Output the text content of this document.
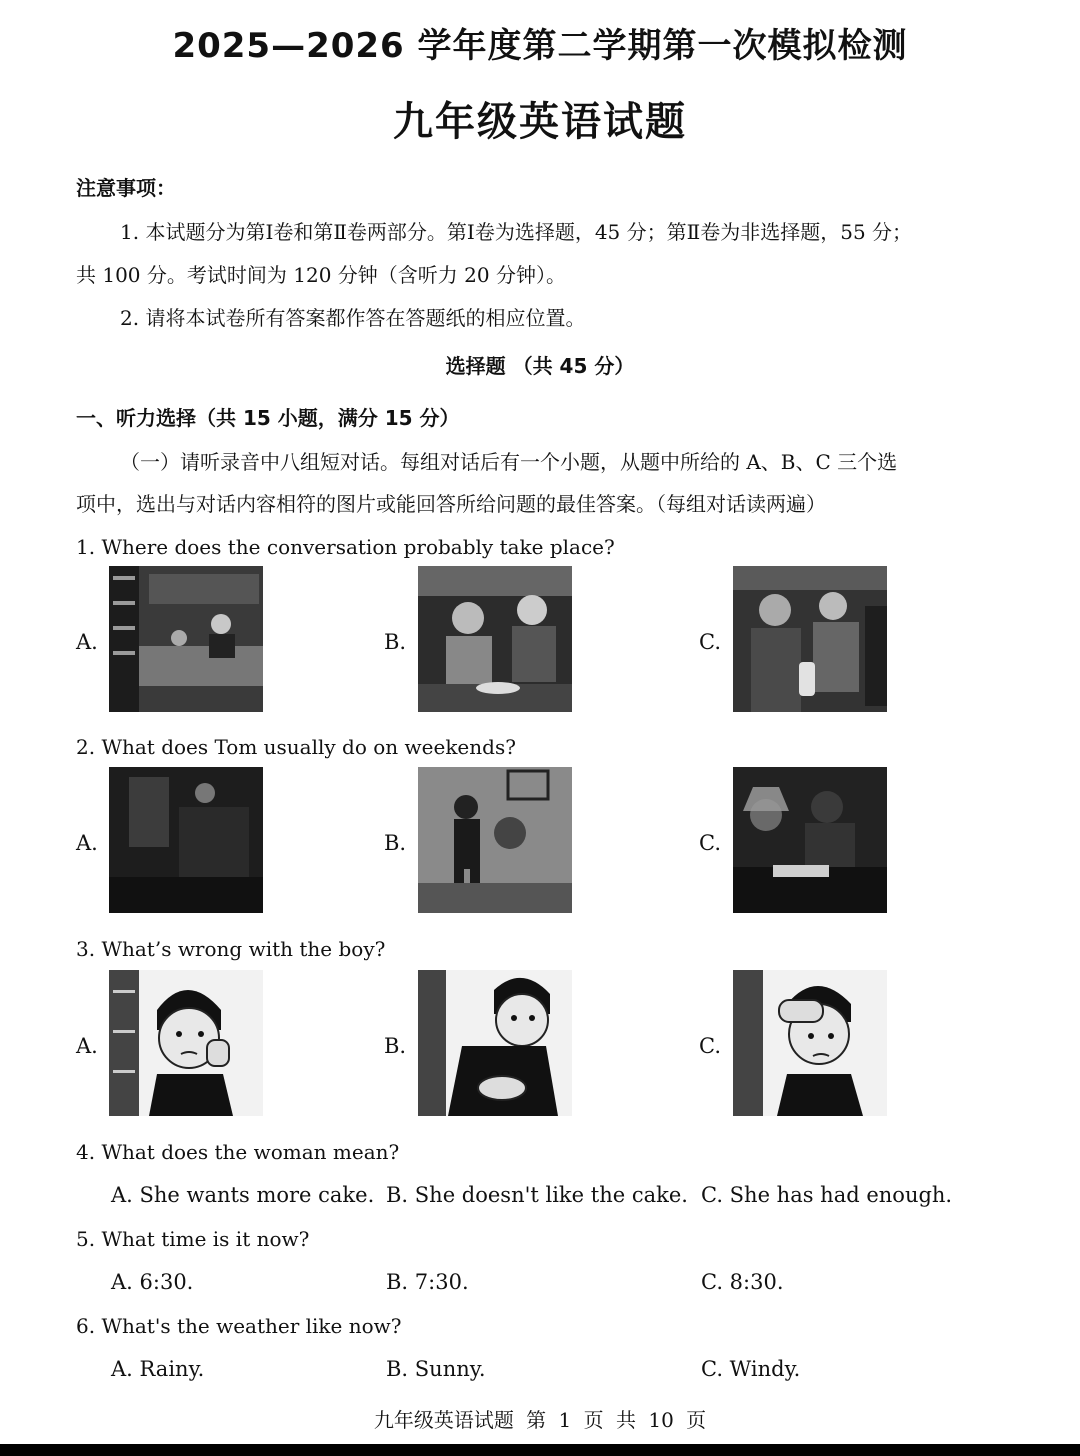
2025—2026 学年度第二学期第一次模拟检测
九年级英语试题
注意事项：
1. 本试题分为第Ⅰ卷和第Ⅱ卷两部分。第Ⅰ卷为选择题，45 分；第Ⅱ卷为非选择题，55 分；
共 100 分。考试时间为 120 分钟（含听力 20 分钟）。
2. 请将本试卷所有答案都作答在答题纸的相应位置。
选择题 （共 45 分）
一、听力选择（共 15 小题，满分 15 分）
（一）请听录音中八组短对话。每组对话后有一个小题，从题中所给的 A、B、C 三个选
项中，选出与对话内容相符的图片或能回答所给问题的最佳答案。（每组对话读两遍）
1. Where does the conversation probably take place?
A.	B.	C.
2. What does Tom usually do on weekends?
A.	B.	C.
3. What’s wrong with the boy?
A.	B.	C.
4. What does the woman mean?
A. She wants more cake. B. She doesn't like the cake. C. She has had enough.
5. What time is it now?
A. 6:30.	B. 7:30.	C. 8:30.
6. What's the weather like now?
A. Rainy.	B. Sunny.	C. Windy.
九年级英语试题 第 1 页 共 10 页
